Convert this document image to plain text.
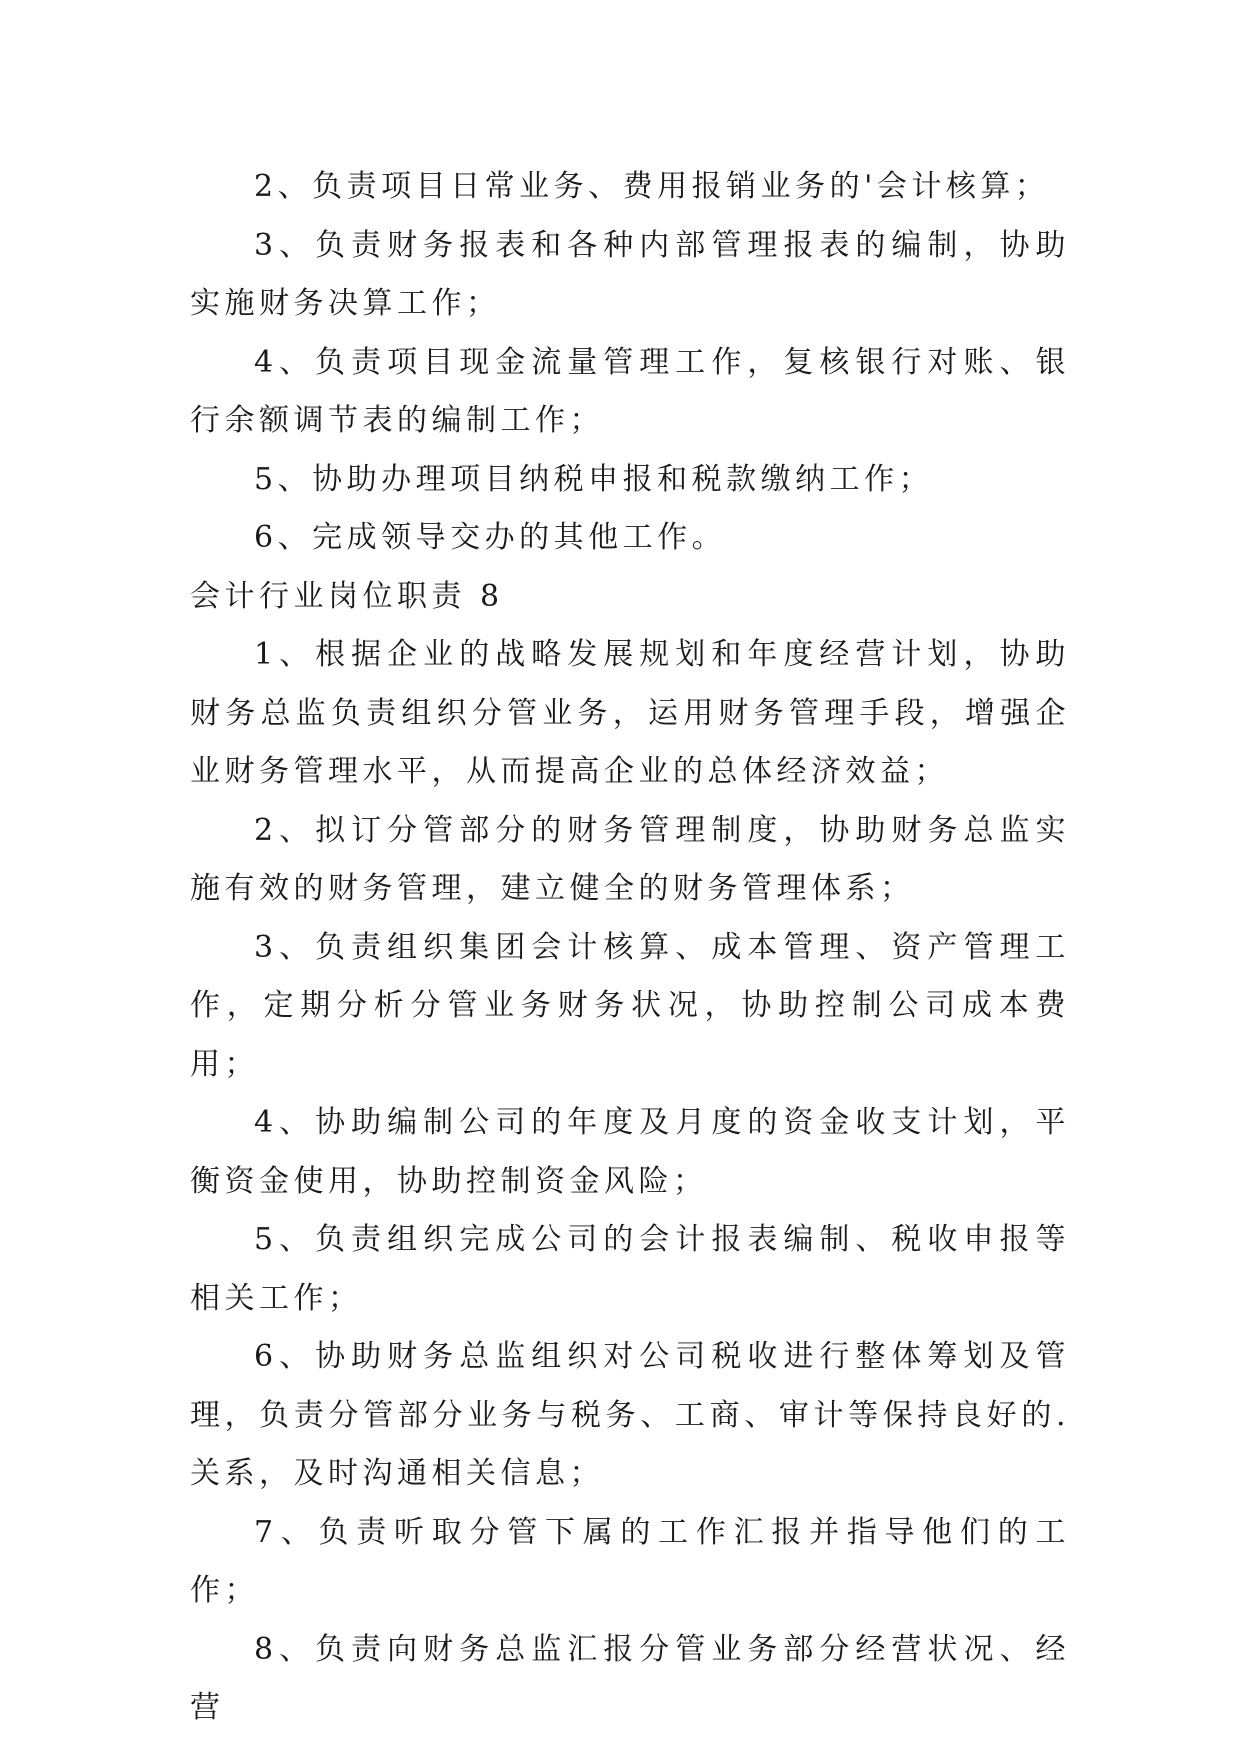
2、负责项目日常业务、费用报销业务的'会计核算；

3、负责财务报表和各种内部管理报表的编制，协助实施财务决算工作；

4、负责项目现金流量管理工作，复核银行对账、银行余额调节表的编制工作；

5、协助办理项目纳税申报和税款缴纳工作；

6、完成领导交办的其他工作。

会计行业岗位职责 8

1、根据企业的战略发展规划和年度经营计划，协助财务总监负责组织分管业务，运用财务管理手段，增强企业财务管理水平，从而提高企业的总体经济效益；

2、拟订分管部分的财务管理制度，协助财务总监实施有效的财务管理，建立健全的财务管理体系；

3、负责组织集团会计核算、成本管理、资产管理工作，定期分析分管业务财务状况，协助控制公司成本费用；

4、协助编制公司的年度及月度的资金收支计划，平衡资金使用，协助控制资金风险；

5、负责组织完成公司的会计报表编制、税收申报等相关工作；

6、协助财务总监组织对公司税收进行整体筹划及管理，负责分管部分业务与税务、工商、审计等保持良好的.关系，及时沟通相关信息；

7、负责听取分管下属的工作汇报并指导他们的工作；

8、负责向财务总监汇报分管业务部分经营状况、经营
